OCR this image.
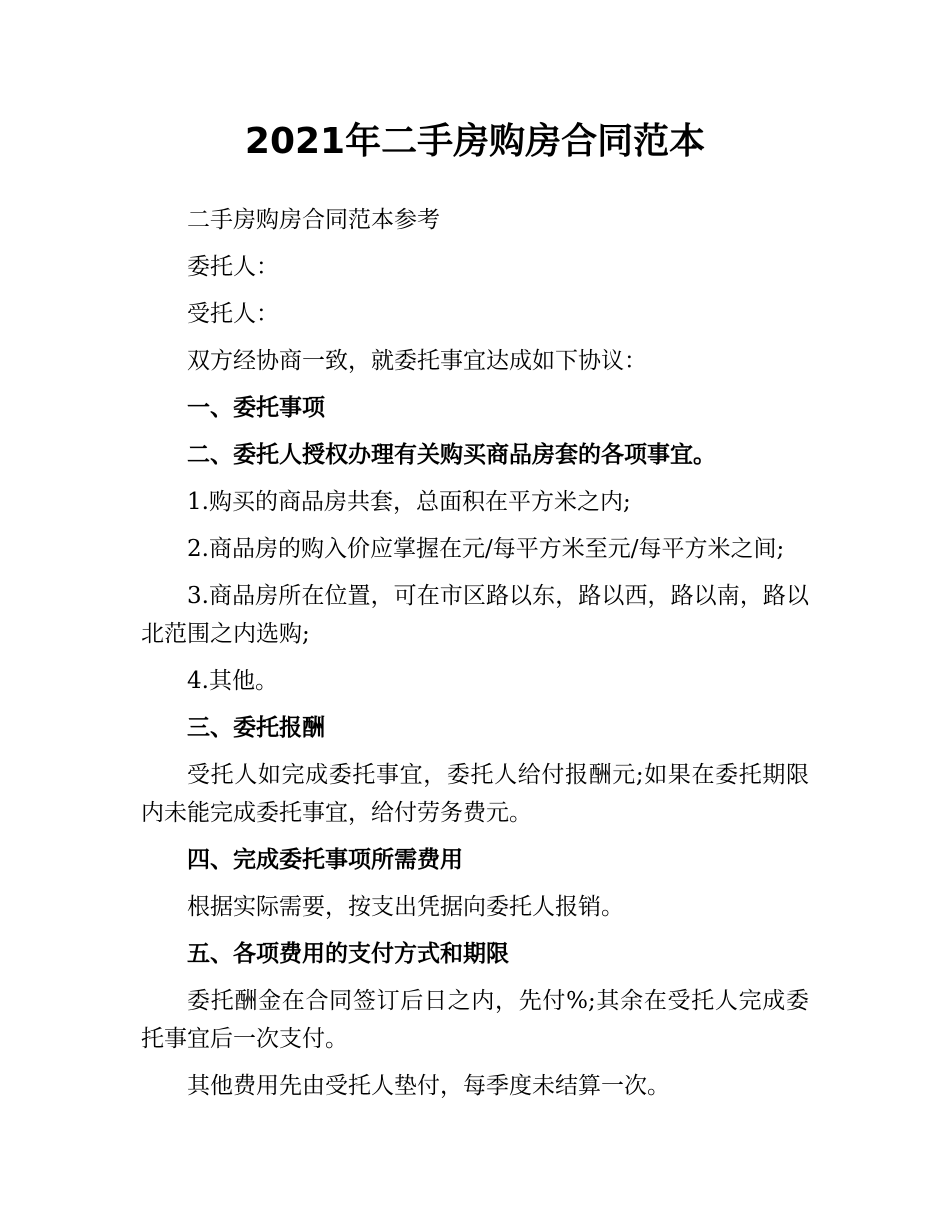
2021年二手房购房合同范本

二手房购房合同范本参考

委托人：

受托人：

双方经协商一致，就委托事宜达成如下协议：

一、委托事项

二、委托人授权办理有关购买商品房套的各项事宜。

1.购买的商品房共套，总面积在平方米之内;

2.商品房的购入价应掌握在元/每平方米至元/每平方米之间;

3.商品房所在位置，可在市区路以东，路以西，路以南，路以北范围之内选购;

4.其他。

三、委托报酬

受托人如完成委托事宜，委托人给付报酬元;如果在委托期限内未能完成委托事宜，给付劳务费元。

四、完成委托事项所需费用

根据实际需要，按支出凭据向委托人报销。

五、各项费用的支付方式和期限

委托酬金在合同签订后日之内，先付%;其余在受托人完成委托事宜后一次支付。

其他费用先由受托人垫付，每季度未结算一次。
